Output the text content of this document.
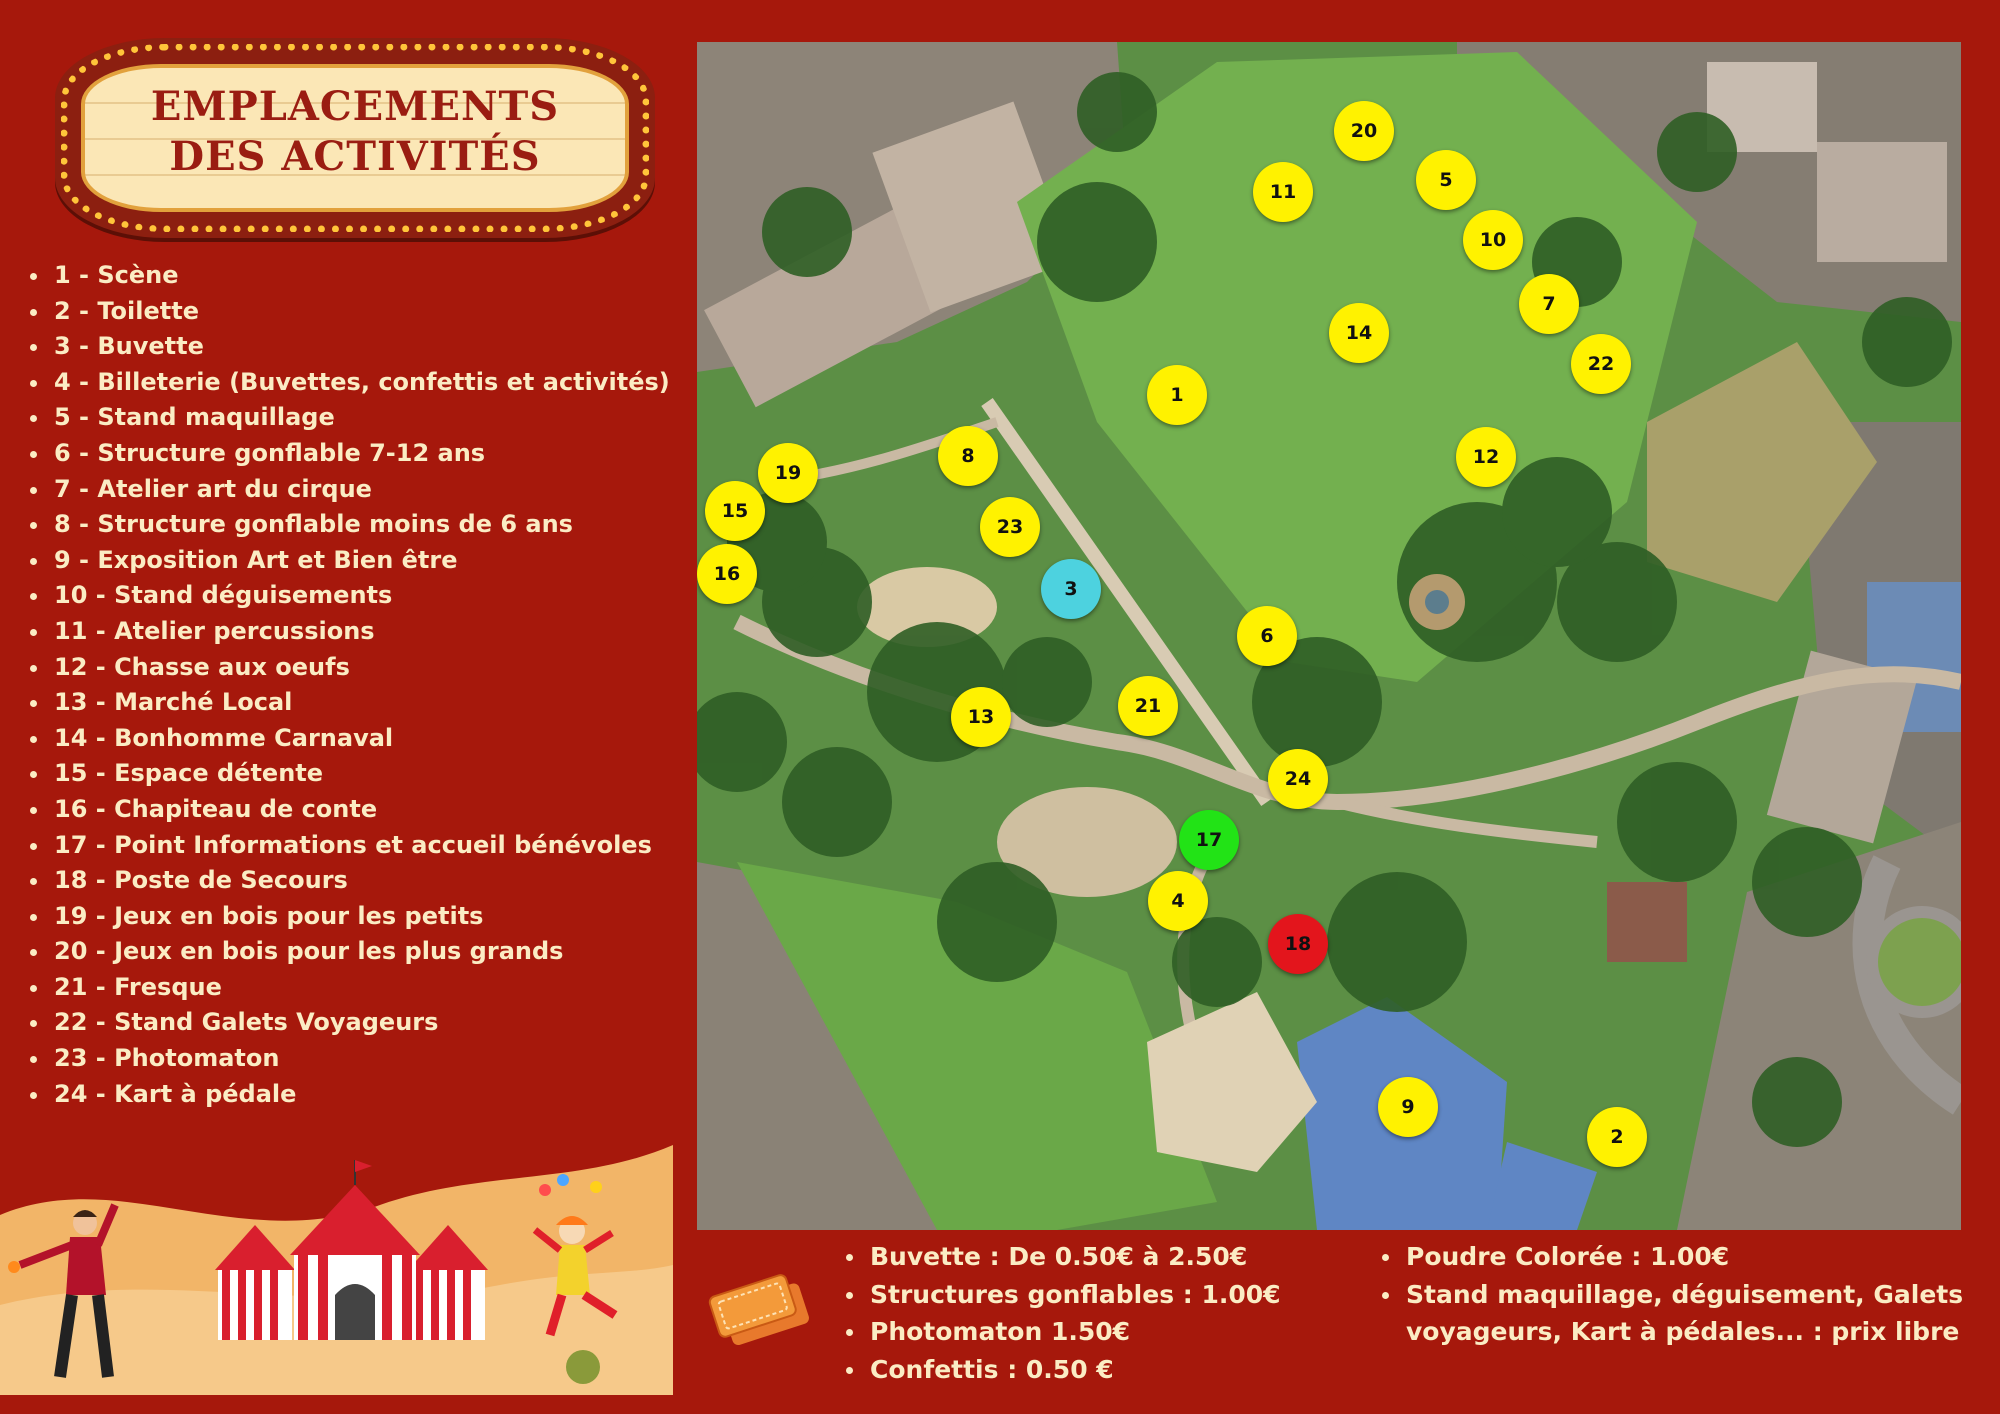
EMPLACEMENTS
DES ACTIVITÉS
1 - Scène
2 - Toilette
3 - Buvette
4 - Billeterie (Buvettes, confettis et activités)
5 - Stand maquillage
6 - Structure gonflable 7-12 ans
7 - Atelier art du cirque
8 - Structure gonflable moins de 6 ans
9 - Exposition Art et Bien être
10 - Stand déguisements
11 - Atelier percussions
12 - Chasse aux oeufs
13 - Marché Local
14 - Bonhomme Carnaval
15 - Espace détente
16 - Chapiteau de conte
17 - Point Informations et accueil bénévoles
18 - Poste de Secours
19 - Jeux en bois pour les petits
20 - Jeux en bois pour les plus grands
21 - Fresque
22 - Stand Galets Voyageurs
23 - Photomaton
24 - Kart à pédale
1
2
3
4
5
6
7
8
9
10
11
12
13
14
15
16
17
18
19
20
21
22
23
24
Buvette : De 0.50€ à 2.50€
Structures gonflables : 1.00€
Photomaton 1.50€
Confettis : 0.50 €
Poudre Colorée : 1.00€
Stand maquillage, déguisement, Galets voyageurs, Kart à pédales... : prix libre
